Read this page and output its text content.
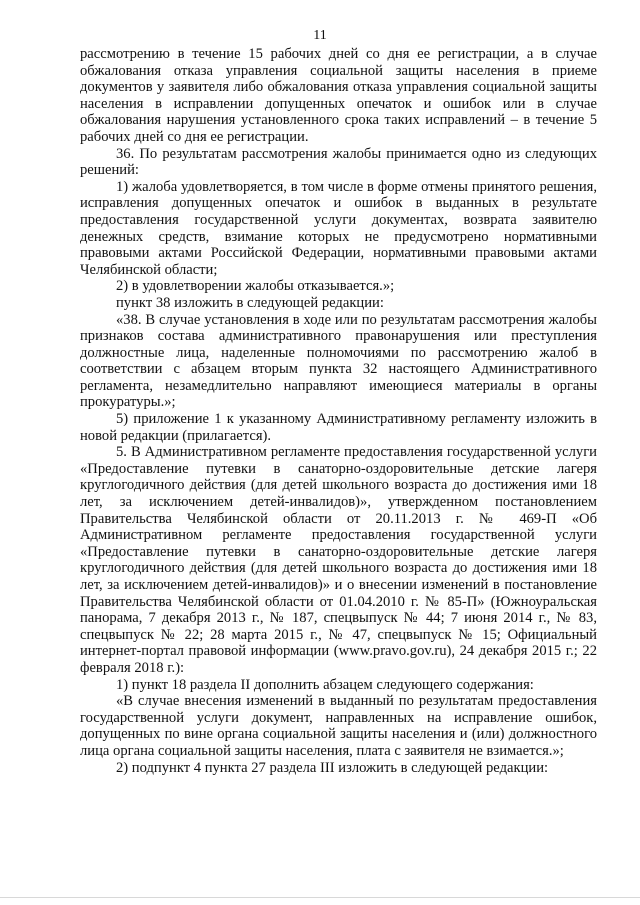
11

рассмотрению в течение 15 рабочих дней со дня ее регистрации, а в случае обжалования отказа управления социальной защиты населения в приеме документов у заявителя либо обжалования отказа управления социальной защиты населения в исправлении допущенных опечаток и ошибок или в случае обжалования нарушения установленного срока таких исправлений – в течение 5 рабочих дней со дня ее регистрации.

36. По результатам рассмотрения жалобы принимается одно из следующих решений:

1) жалоба удовлетворяется, в том числе в форме отмены принятого решения, исправления допущенных опечаток и ошибок в выданных в результате предоставления государственной услуги документах, возврата заявителю денежных средств, взимание которых не предусмотрено нормативными правовыми актами Российской Федерации, нормативными правовыми актами Челябинской области;

2) в удовлетворении жалобы отказывается.»;

пункт 38 изложить в следующей редакции:

«38. В случае установления в ходе или по результатам рассмотрения жалобы признаков состава административного правонарушения или преступления должностные лица, наделенные полномочиями по рассмотрению жалоб в соответствии с абзацем вторым пункта 32 настоящего Административного регламента, незамедлительно направляют имеющиеся материалы в органы прокуратуры.»;

5) приложение 1 к указанному Административному регламенту изложить в новой редакции (прилагается).

5. В Административном регламенте предоставления государственной услуги «Предоставление путевки в санаторно-оздоровительные детские лагеря круглогодичного действия (для детей школьного возраста до достижения ими 18 лет, за исключением детей-инвалидов)», утвержденном постановлением Правительства Челябинской области от 20.11.2013 г. № 469-П «Об Административном регламенте предоставления государственной услуги «Предоставление путевки в санаторно-оздоровительные детские лагеря круглогодичного действия (для детей школьного возраста до достижения ими 18 лет, за исключением детей-инвалидов)» и о внесении изменений в постановление Правительства Челябинской области от 01.04.2010 г. № 85-П» (Южноуральская панорама, 7 декабря 2013 г., № 187, спецвыпуск № 44; 7 июня 2014 г., № 83, спецвыпуск № 22; 28 марта 2015 г., № 47, спецвыпуск № 15; Официальный интернет-портал правовой информации (www.pravo.gov.ru), 24 декабря 2015 г.; 22 февраля 2018 г.):

1) пункт 18 раздела II дополнить абзацем следующего содержания:

«В случае внесения изменений в выданный по результатам предоставления государственной услуги документ, направленных на исправление ошибок, допущенных по вине органа социальной защиты населения и (или) должностного лица органа социальной защиты населения, плата с заявителя не взимается.»;

2) подпункт 4 пункта 27 раздела III изложить в следующей редакции:
